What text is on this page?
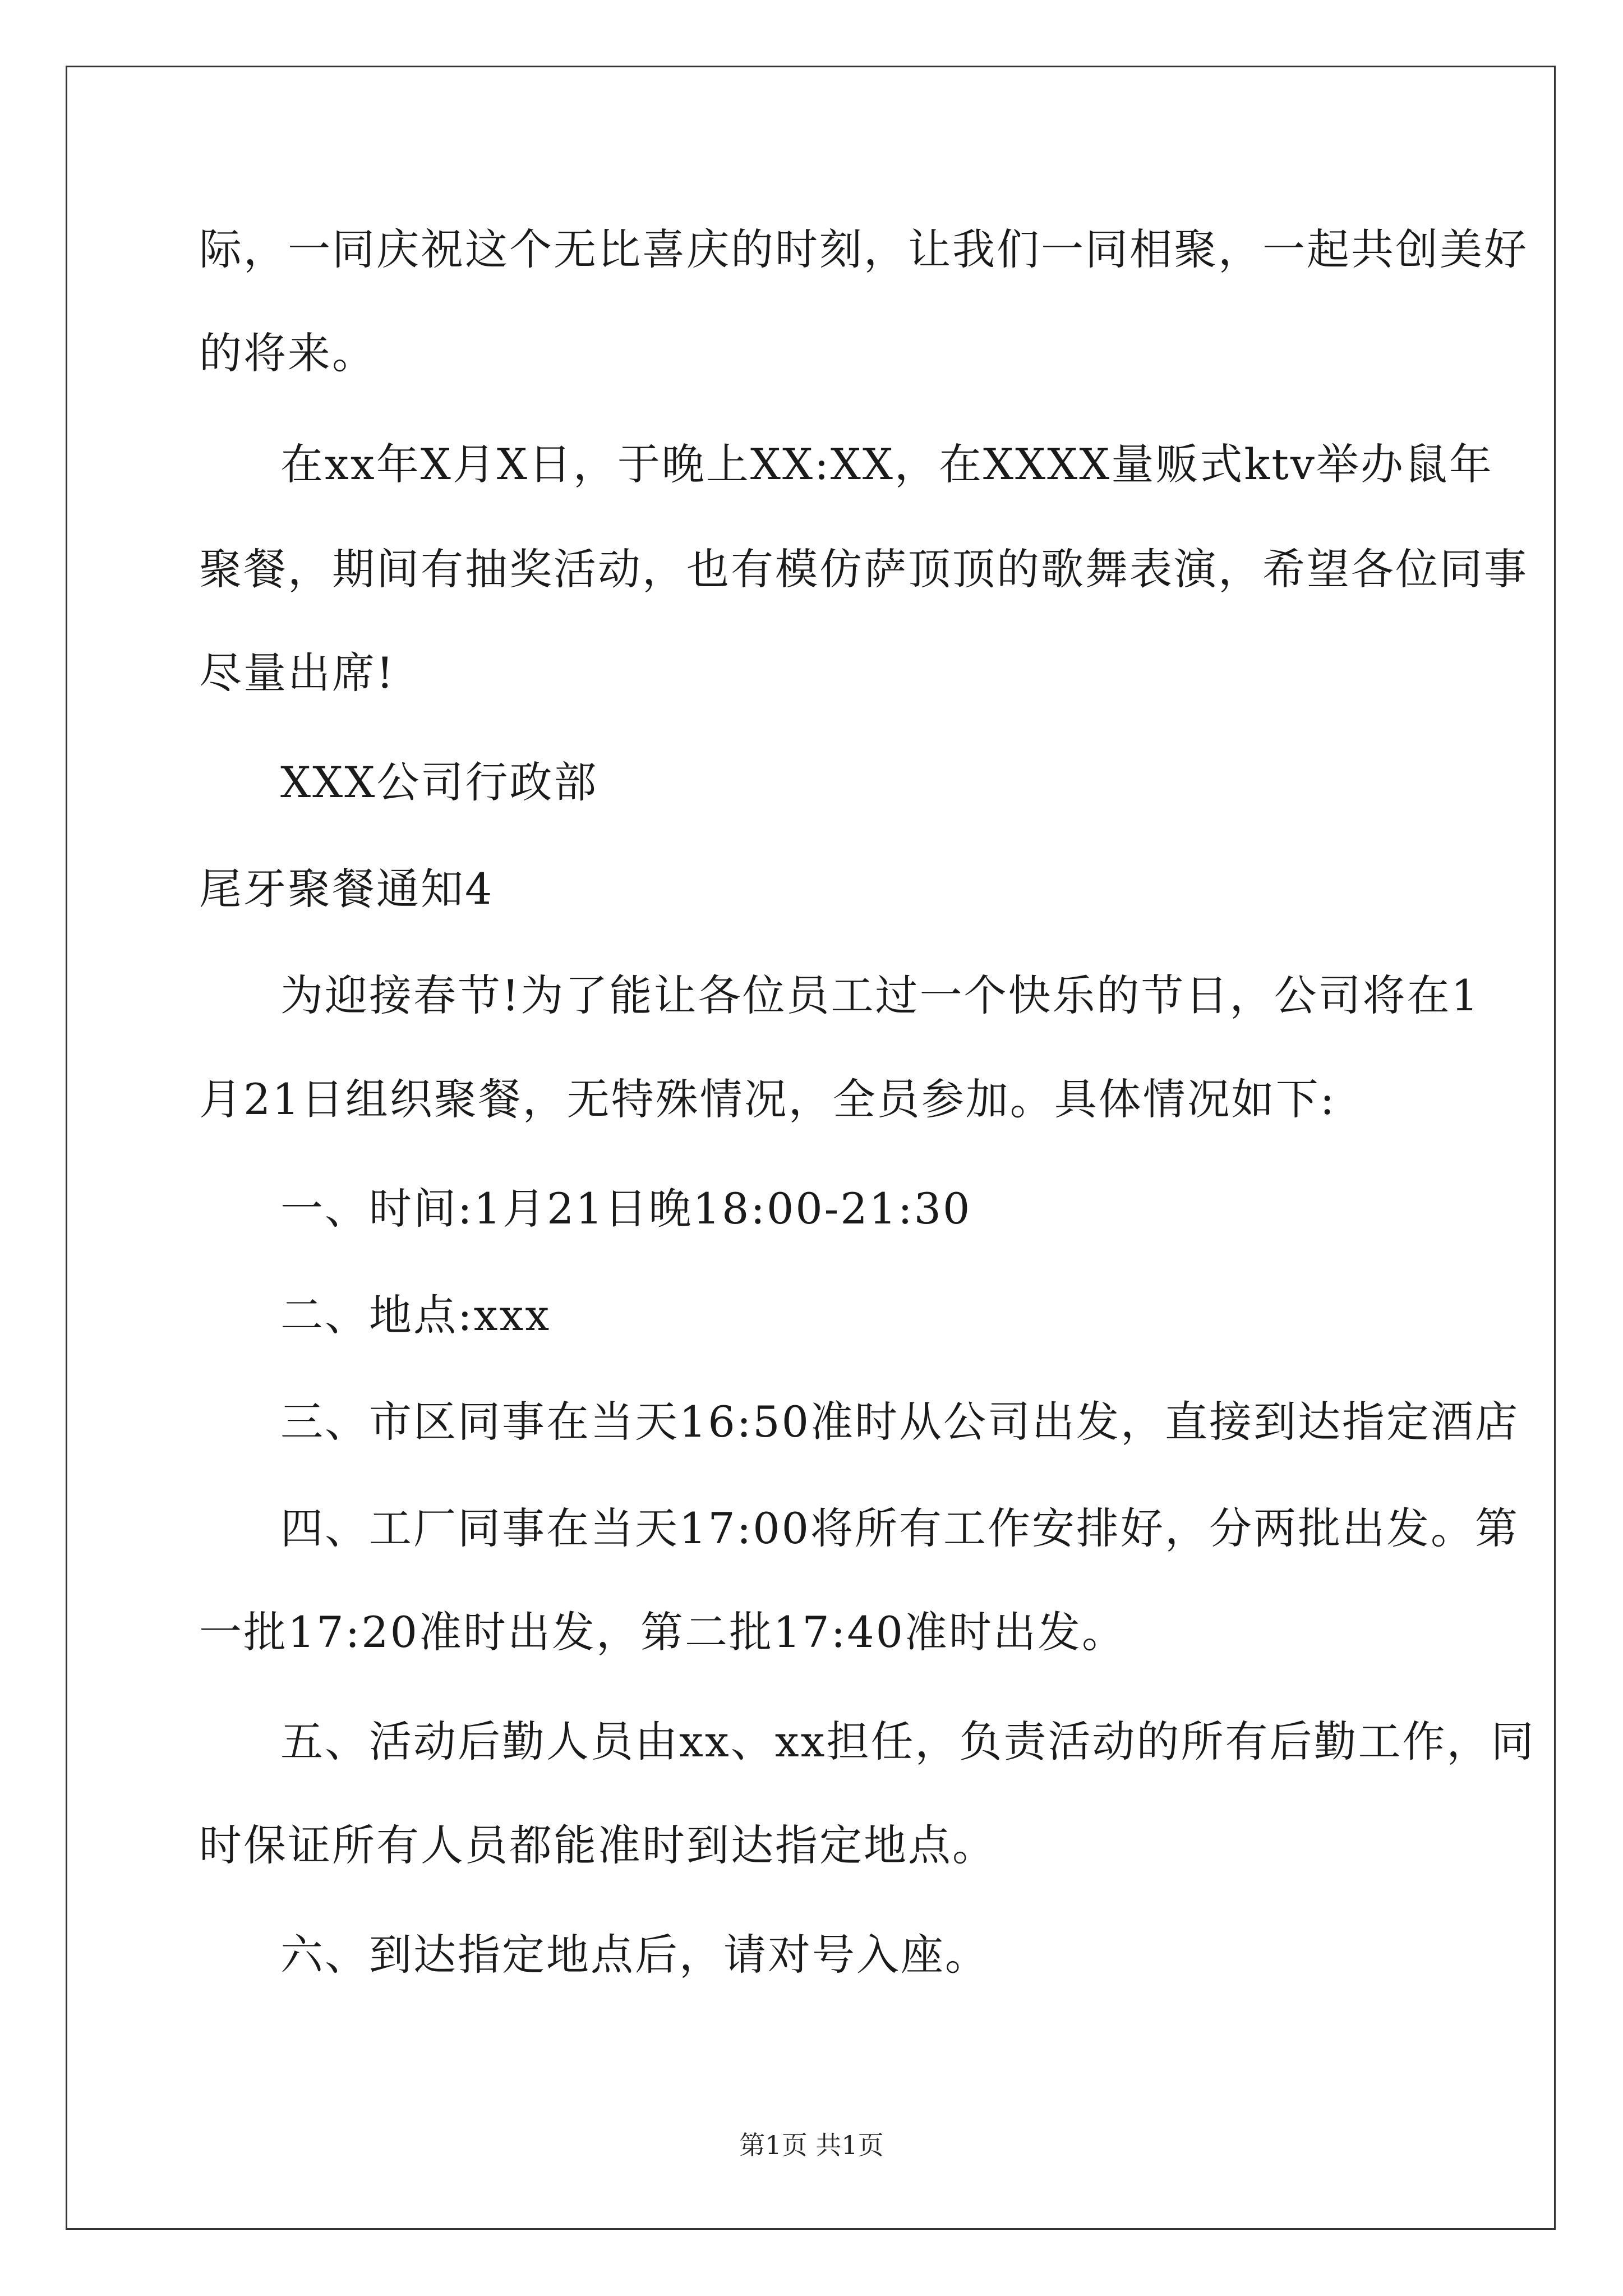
际，一同庆祝这个无比喜庆的时刻，让我们一同相聚，一起共创美好
的将来。
在xx年X月X日，于晚上XX:XX，在XXXX量贩式ktv举办鼠年
聚餐，期间有抽奖活动，也有模仿萨顶顶的歌舞表演，希望各位同事
尽量出席!
XXX公司行政部
尾牙聚餐通知4
为迎接春节!为了能让各位员工过一个快乐的节日，公司将在1
月21日组织聚餐，无特殊情况，全员参加。具体情况如下:
一、时间:1月21日晚18:00-21:30
二、地点:xxx
三、市区同事在当天16:50准时从公司出发，直接到达指定酒店
四、工厂同事在当天17:00将所有工作安排好，分两批出发。第
一批17:20准时出发，第二批17:40准时出发。
五、活动后勤人员由xx、xx担任，负责活动的所有后勤工作，同
时保证所有人员都能准时到达指定地点。
六、到达指定地点后，请对号入座。
第1页 共1页
